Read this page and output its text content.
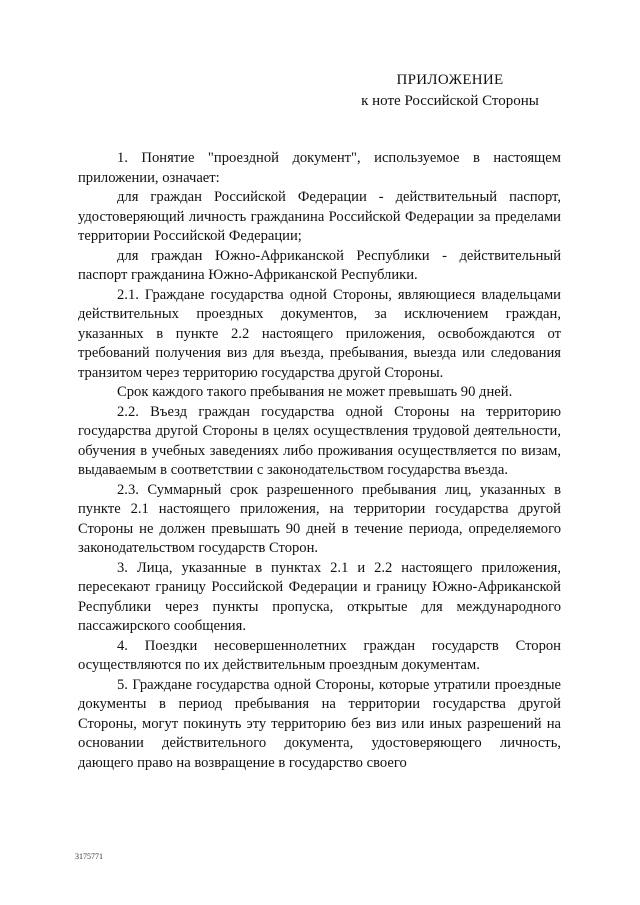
ПРИЛОЖЕНИЕ
к ноте Российской Стороны

1. Понятие "проездной документ", используемое в настоящем приложении, означает:

для граждан Российской Федерации - действительный паспорт, удостоверяющий личность гражданина Российской Федерации за пределами территории Российской Федерации;

для граждан Южно-Африканской Республики - действительный паспорт гражданина Южно-Африканской Республики.

2.1. Граждане государства одной Стороны, являющиеся владельцами действительных проездных документов, за исключением граждан, указанных в пункте 2.2 настоящего приложения, освобождаются от требований получения виз для въезда, пребывания, выезда или следования транзитом через территорию государства другой Стороны.

Срок каждого такого пребывания не может превышать 90 дней.

2.2. Въезд граждан государства одной Стороны на территорию государства другой Стороны в целях осуществления трудовой деятельности, обучения в учебных заведениях либо проживания осуществляется по визам, выдаваемым в соответствии с законодательством государства въезда.

2.3. Суммарный срок разрешенного пребывания лиц, указанных в пункте 2.1 настоящего приложения, на территории государства другой Стороны не должен превышать 90 дней в течение периода, определяемого законодательством государств Сторон.

3. Лица, указанные в пунктах 2.1 и 2.2 настоящего приложения, пересекают границу Российской Федерации и границу Южно-Африканской Республики через пункты пропуска, открытые для международного пассажирского сообщения.

4. Поездки несовершеннолетних граждан государств Сторон осуществляются по их действительным проездным документам.

5. Граждане государства одной Стороны, которые утратили проездные документы в период пребывания на территории государства другой Стороны, могут покинуть эту территорию без виз или иных разрешений на основании действительного документа, удостоверяющего личность, дающего право на возвращение в государство своего

3175771
